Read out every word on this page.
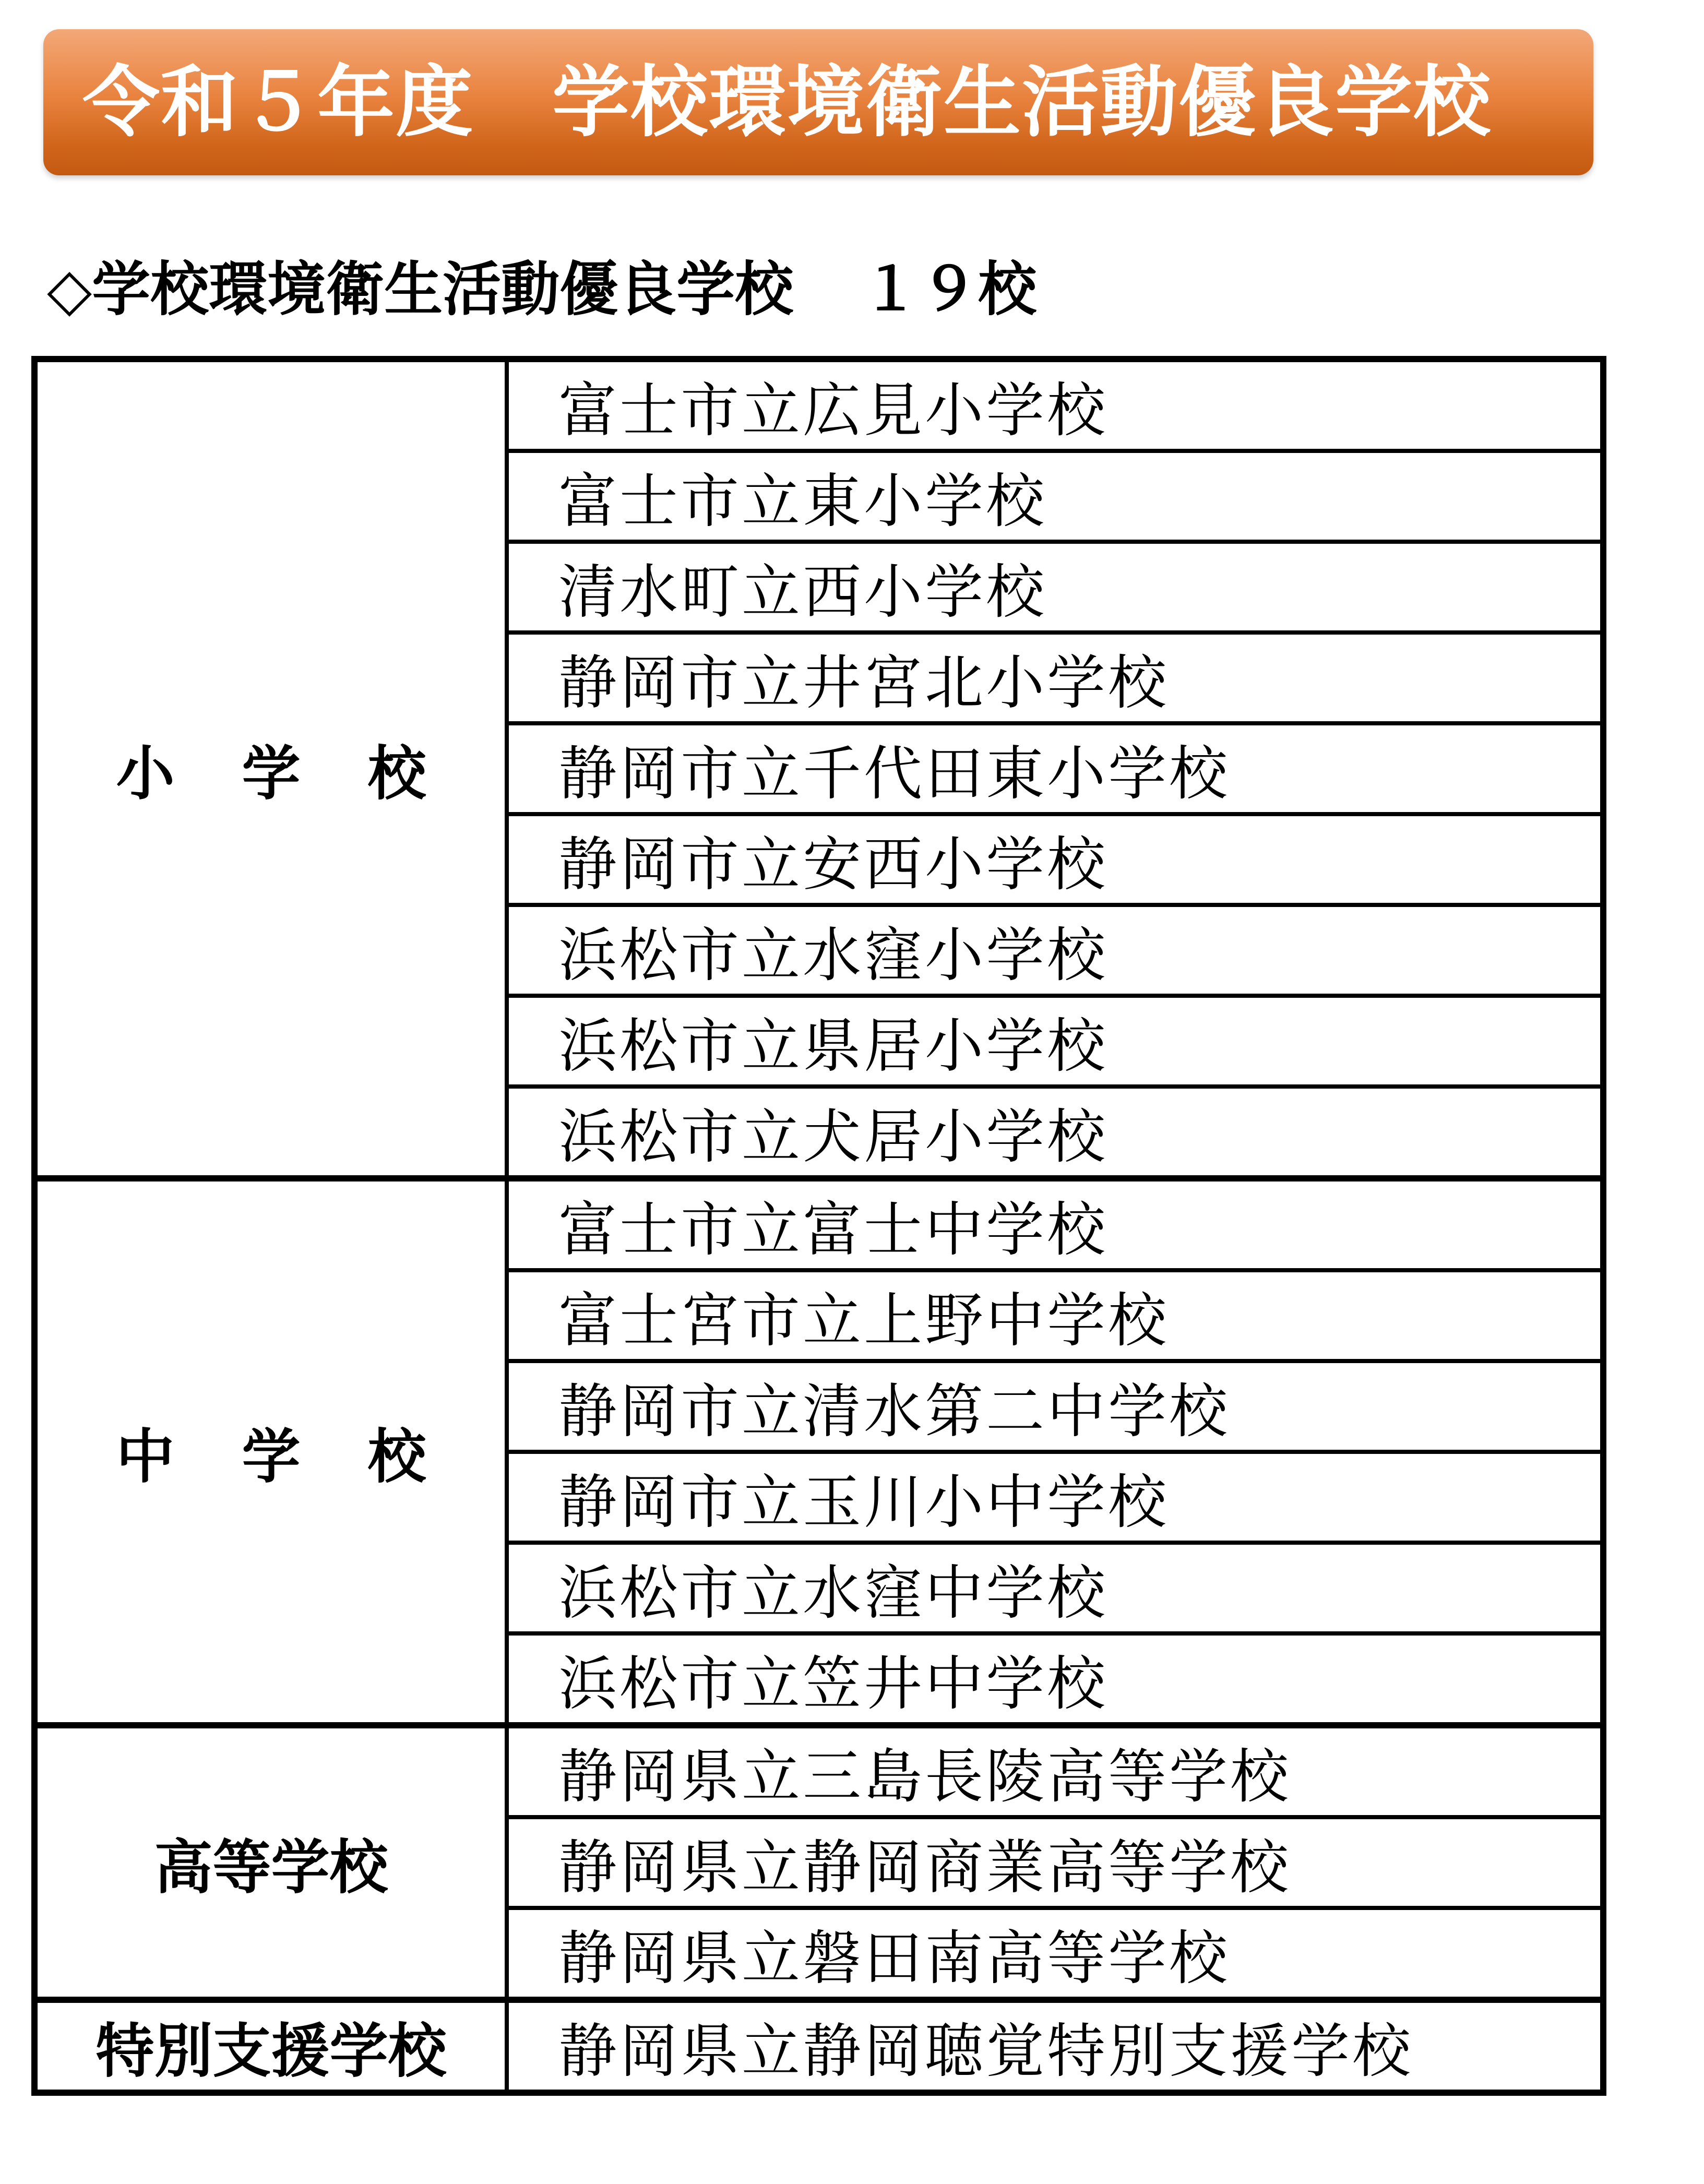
令和５年度　学校環境衛生活動優良学校
◇学校環境衛生活動優良学校 １９校
小 学 校	富士市立広見小学校
	富士市立東小学校
	清水町立西小学校
	静岡市立井宮北小学校
	静岡市立千代田東小学校
	静岡市立安西小学校
	浜松市立水窪小学校
	浜松市立県居小学校
	浜松市立犬居小学校
中 学 校	富士市立富士中学校
	富士宮市立上野中学校
	静岡市立清水第二中学校
	静岡市立玉川小中学校
	浜松市立水窪中学校
	浜松市立笠井中学校
高等学校	静岡県立三島長陵高等学校
	静岡県立静岡商業高等学校
	静岡県立磐田南高等学校
特別支援学校	静岡県立静岡聴覚特別支援学校
